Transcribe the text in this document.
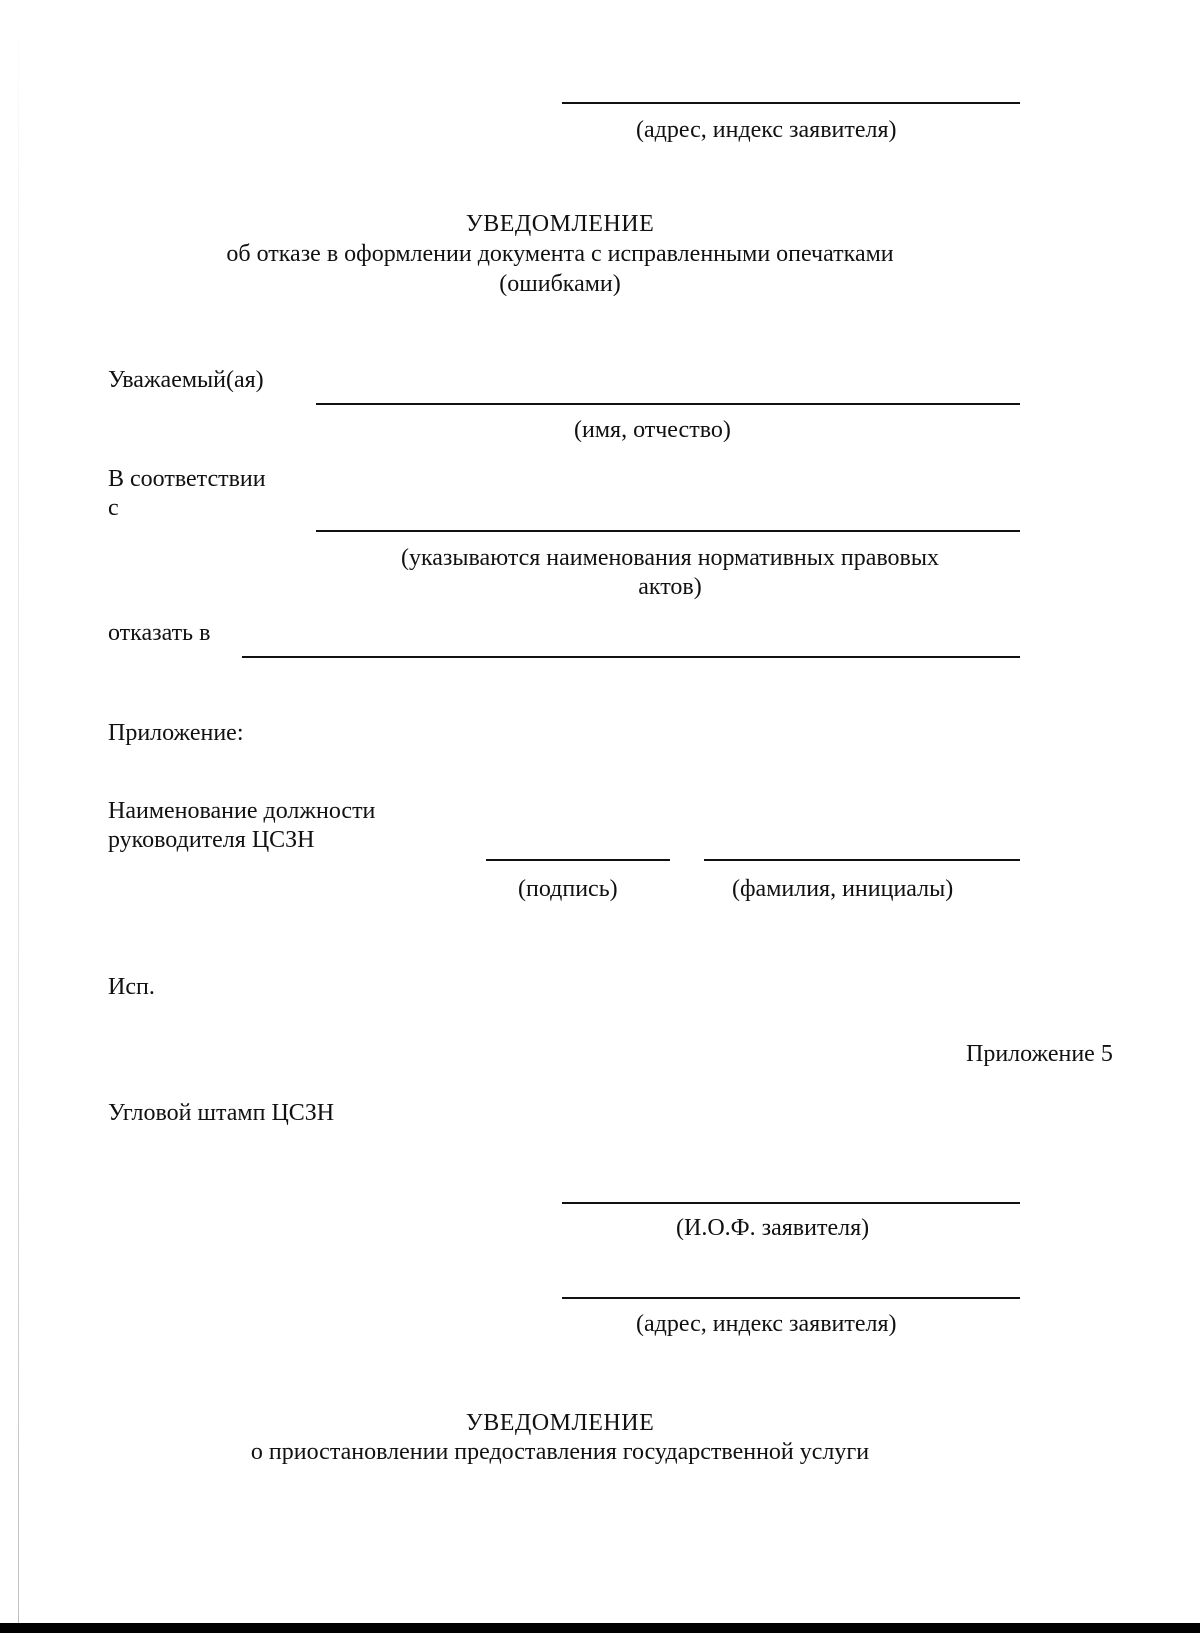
(адрес, индекс заявителя)
УВЕДОМЛЕНИЕ
об отказе в оформлении документа с исправленными опечатками
(ошибками)
Уважаемый(ая)
(имя, отчество)
В соответствии
с
(указываются наименования нормативных правовых
актов)
отказать в
Приложение:
Наименование должности
руководителя ЦСЗН
(подпись)	(фамилия, инициалы)
Исп.
Приложение 5
Угловой штамп ЦСЗН
(И.О.Ф. заявителя)
(адрес, индекс заявителя)
УВЕДОМЛЕНИЕ
о приостановлении предоставления государственной услуги
